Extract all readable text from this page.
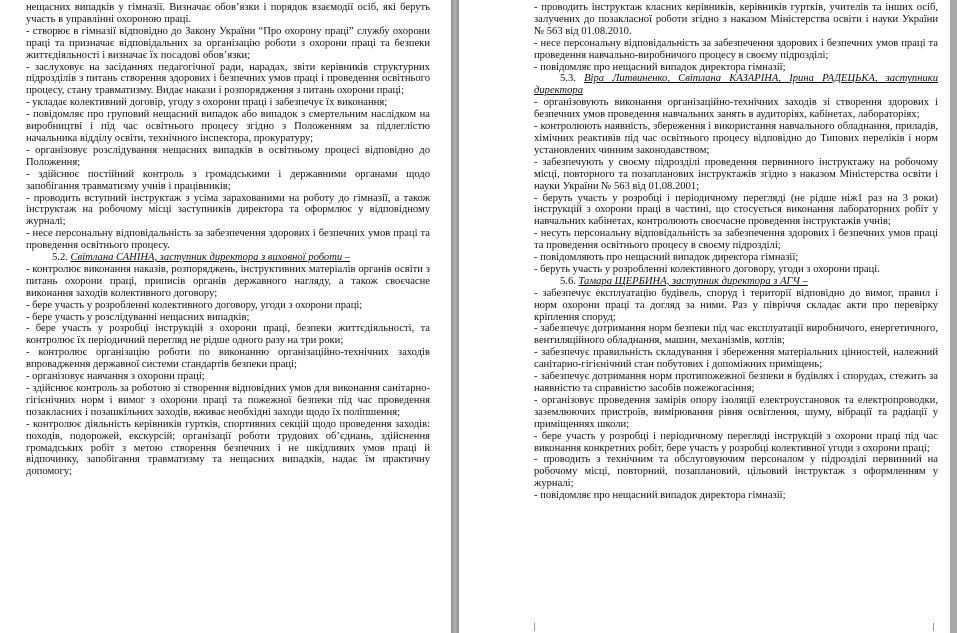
нещасних випадків у гімназії. Визначає обов’язки і порядок взаємодії осіб, які беруть участь в управлінні охороною праці.

- створює в гімназії відповідно до Закону України “Про охорону праці” службу охорони праці та призначає відповідальних за організацію роботи з охорони праці та безпеки життєдіяльності і визначає їх посадові обов’язки;

- заслуховує на засіданнях педагогічної ради, нарадах, звіти керівників структурних підрозділів з питань створення здорових і безпечних умов праці і проведення освітнього процесу, стану травматизму. Видає накази і розпорядження з питань охорони праці;

- укладає колективний договір, угоду з охорони праці і забезпечує їх виконання;

- повідомляє про груповий нещасний випадок або випадок з смертельним наслідком на виробництві і під час освітнього процесу згідно з Положенням за підлеглістю начальника відділу освіти, технічного інспектора, прокуратуру;

- організовує розслідування нещасних випадків в освітньому процесі відповідно до Положення;

- здійснює постійний контроль з громадськими і державними органами щодо запобігання травматизму учнів і працівників;

- проводить вступний інструктаж з усіма зарахованими на роботу до гімназії, а також інструктаж на робочому місці заступників директора та оформлює у відповідному журналі;

- несе персональну відповідальність за забезпечення здорових і безпечних умов праці та проведення освітнього процесу.

5.2. Світлана САНІНА, заступник директора з виховної роботи –

- контролює виконання наказів, розпоряджень, інструктивних матеріалів органів освіти з питань охорони праці, приписів органів державного нагляду, а також своєчасне виконання заходів колективного договору;

- бере участь у розробленні колективного договору, угоди з охорони праці;

- бере участь у розслідуванні нещасних випадків;

- бере участь у розробці інструкцій з охорони праці, безпеки життєдіяльності, та контролює їх періодичний перегляд не рідше одного разу на три роки;

- контролює організацію роботи по виконанню організаційно-технічних заходів впровадження державної системи стандартів безпеки праці;

- організовує навчання з охорони праці;

- здійснює контроль за роботою зі створення відповідних умов для виконання санітарно-гігієнічних норм і вимог з охорони праці та пожежної безпеки під час проведення позакласних і позашкільних заходів, вживає необхідні заходи щодо їх поліпшення;

- контролює діяльність керівників гуртків, спортивних секцій щодо проведення заходів: походів, подорожей, екскурсій; організації роботи трудових об’єднань, здійснення громадських робіт з метою створення безпечних і не шкідливих умов праці й відпочинку, запобігання травматизму та нещасних випадків, надає їм практичну допомогу;

- проводить інструктаж класних керівників, керівників гуртків, учителів та інших осіб, залучених до позакласної роботи згідно з наказом Міністерства освіти і науки України № 563 від 01.08.2010.

- несе персональну відповідальність за забезпечення здорових і безпечних умов праці та проведення навчально-виробничого процесу в своєму підрозділі;

- повідомляє про нещасний випадок директора гімназії;

5.3. Віра Литвиненко, Світлана КАЗАРІНА, Ірина РАДЕЦЬКА, заступники директора

- організовують виконання організаційно-технічних заходів зі створення здорових і безпечних умов проведення навчальних занять в аудиторіях, кабінетах, лабораторіях;

- контролюють наявність, збереження і використання навчального обладнання, приладів, хімічних реактивів під час освітнього процесу відповідно до Типових переліків і норм установлених чинним законодавством;

- забезпечують у своєму підрозділі проведення первинного інструктажу на робочому місці, повторного та позапланових інструктажів згідно з наказом Міністерства освіти і науки України № 563 від 01.08.2001;

- беруть участь у розробці і періодичному перегляді (не рідше ніж1 раз на 3 роки) інструкцій з охорони праці в частині, що стосується виконання лабораторних робіт у навчальних кабінетах, контролюють своєчасне проведення інструктажів учнів;

- несуть персональну відповідальність за забезпечення здорових і безпечних умов праці та проведення освітнього процесу в своєму підрозділі;

- повідомляють про нещасний випадок директора гімназії;

- беруть участь у розробленні колективного договору, угоди з охорони праці.

5.6. Тамара ЩЕРБИНА, заступник директора з АГЧ –

- забезпечує експлуатацію будівель, споруд і території відповідно до вимог, правил і норм охорони праці та догляд за ними. Раз у півріччя складає акти про перевірку кріплення споруд;

- забезпечує дотримання норм безпеки під час експлуатації виробничого, енергетичного, вентиляційного обладнання, машин, механізмів, котлів;

- забезпечує правильність складування і збереження матеріальних цінностей, належний санітарно-гігієнічний стан побутових і допоміжних приміщень;

- забезпечує дотримання норм протипожежної безпеки в будівлях і спорудах, стежить за наявністю та справністю засобів пожежогасіння;

- організовує проведення замірів опору ізоляції електроустановок та електропроводки, заземлюючих пристроїв, вимірювання рівня освітлення, шуму, вібрації та радіації у приміщеннях школи;

- бере участь у розробці і періодичному перегляді інструкцій з охорони праці під час виконання конкретних робіт, бере участь у розробці колективної угоди з охорони праці;

- проводить з технічним та обслуговуючим персоналом у підрозділі первинний на робочому місці, повторний, позаплановий, цільовий інструктаж з оформленням у журналі;

- повідомляє про нещасний випадок директора гімназії;
